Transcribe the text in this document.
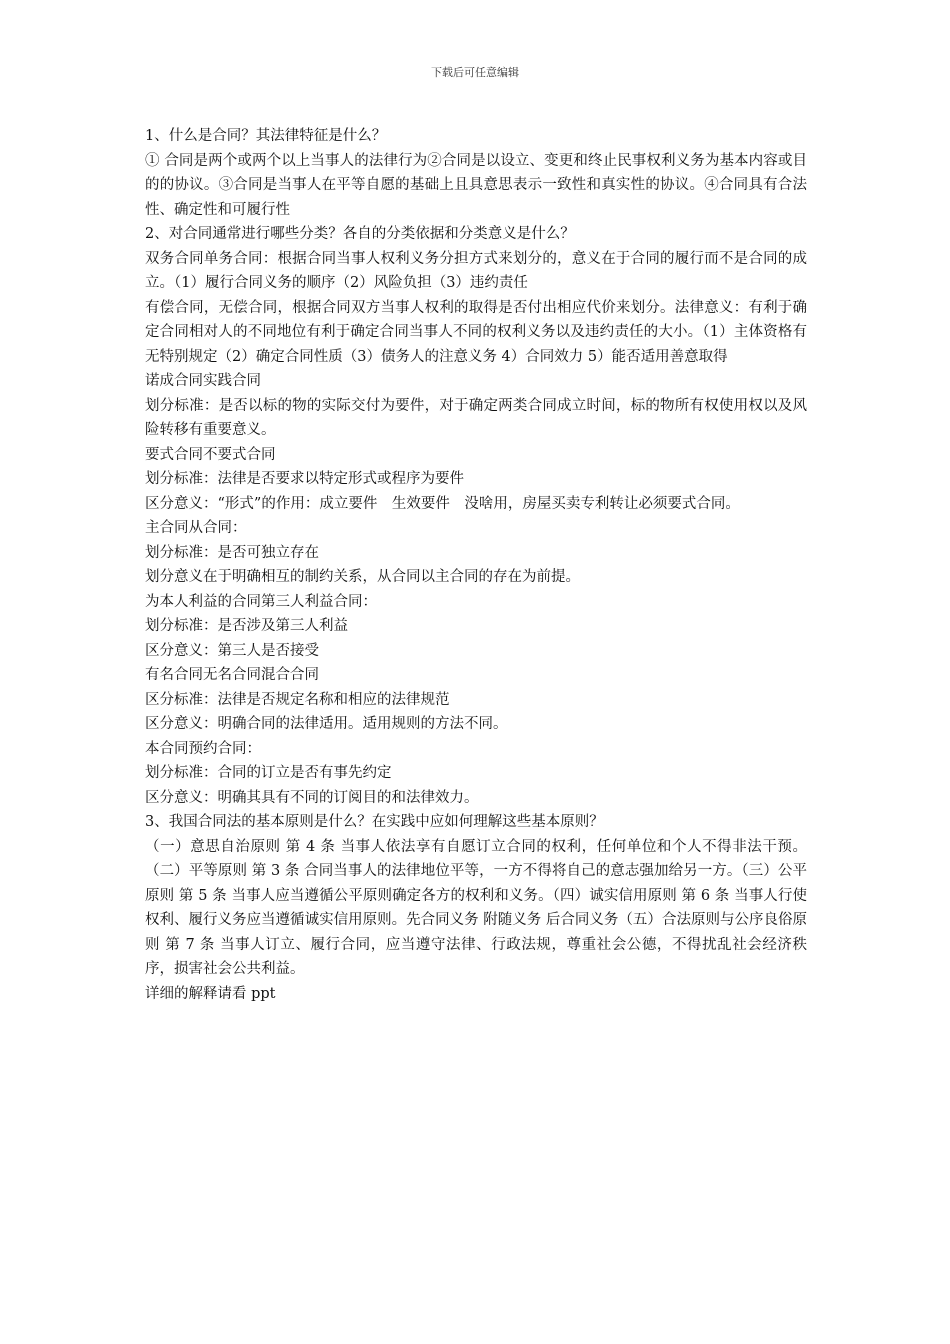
下载后可任意编辑

1、什么是合同？其法律特征是什么？

① 合同是两个或两个以上当事人的法律行为②合同是以设立、变更和终止民事权利义务为基本内容或目的的协议。③合同是当事人在平等自愿的基础上且具意思表示一致性和真实性的协议。④合同具有合法性、确定性和可履行性

2、对合同通常进行哪些分类？各自的分类依据和分类意义是什么？

双务合同单务合同：根据合同当事人权利义务分担方式来划分的，意义在于合同的履行而不是合同的成立。（1）履行合同义务的顺序（2）风险负担（3）违约责任

有偿合同，无偿合同，根据合同双方当事人权利的取得是否付出相应代价来划分。法律意义：有利于确定合同相对人的不同地位有利于确定合同当事人不同的权利义务以及违约责任的大小。（1）主体资格有无特别规定（2）确定合同性质（3）债务人的注意义务 4）合同效力 5）能否适用善意取得

诺成合同实践合同

划分标准：是否以标的物的实际交付为要件，对于确定两类合同成立时间，标的物所有权使用权以及风险转移有重要意义。

要式合同不要式合同

划分标准：法律是否要求以特定形式或程序为要件

区分意义：“形式”的作用：成立要件　生效要件　没啥用，房屋买卖专利转让必须要式合同。

主合同从合同：

划分标准：是否可独立存在

划分意义在于明确相互的制约关系，从合同以主合同的存在为前提。

为本人利益的合同第三人利益合同：

划分标准：是否涉及第三人利益

区分意义：第三人是否接受

有名合同无名合同混合合同

区分标准：法律是否规定名称和相应的法律规范

区分意义：明确合同的法律适用。适用规则的方法不同。

本合同预约合同：

划分标准：合同的订立是否有事先约定

区分意义：明确其具有不同的订阅目的和法律效力。

3、我国合同法的基本原则是什么？在实践中应如何理解这些基本原则？

（一）意思自治原则 第 4 条 当事人依法享有自愿订立合同的权利，任何单位和个人不得非法干预。（二）平等原则 第 3 条 合同当事人的法律地位平等，一方不得将自己的意志强加给另一方。（三）公平原则 第 5 条 当事人应当遵循公平原则确定各方的权利和义务。（四）诚实信用原则 第 6 条 当事人行使权利、履行义务应当遵循诚实信用原则。先合同义务 附随义务 后合同义务（五）合法原则与公序良俗原则 第 7 条 当事人订立、履行合同，应当遵守法律、行政法规，尊重社会公德，不得扰乱社会经济秩序，损害社会公共利益。

详细的解释请看 ppt
